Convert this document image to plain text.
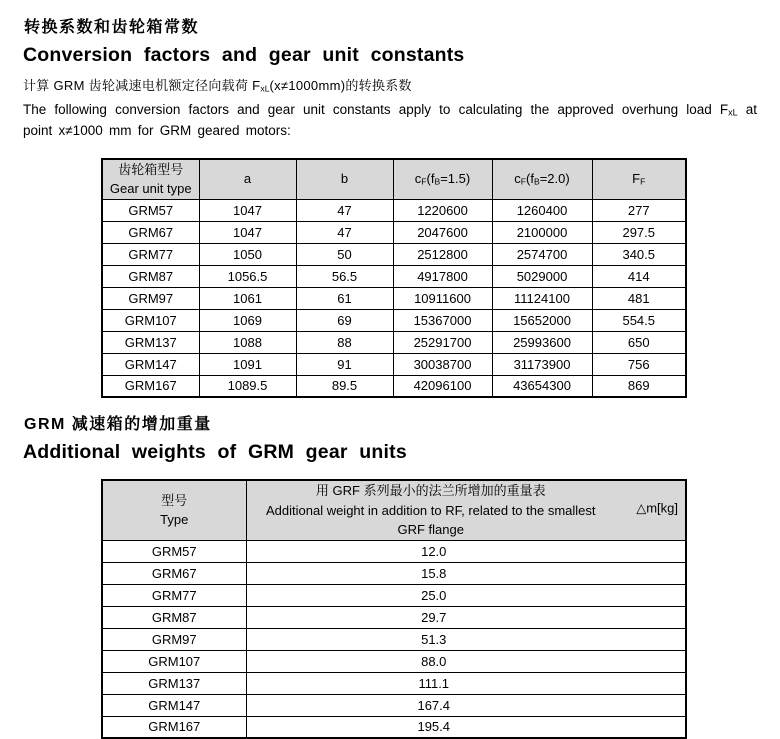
转换系数和齿轮箱常数
Conversion factors and gear unit constants

计算 GRM 齿轮减速电机额定径向载荷 $F_{xL}(x\ne 1000mm)$的转换系数

The following conversion factors and gear unit constants apply to calculating the approved overhung load $F_{xL}$ at point x≠1000 mm for GRM geared motors:

齿轮箱型号
Gear unit type	a	b	$c_F(f_B=1.5)$	$c_F(f_B=2.0)$	$F_F$
GRM57	1047	47	1220600	1260400	277
GRM67	1047	47	2047600	2100000	297.5
GRM77	1050	50	2512800	2574700	340.5
GRM87	1056.5	56.5	4917800	5029000	414
GRM97	1061	61	10911600	11124100	481
GRM107	1069	69	15367000	15652000	554.5
GRM137	1088	88	25291700	25993600	650
GRM147	1091	91	30038700	31173900	756
GRM167	1089.5	89.5	42096100	43654300	869
GRM 减速箱的增加重量
Additional weights of GRM gear units
型号
Type

用 GRF 系列最小的法兰所增加的重量表
Additional weight in addition to RF, related to the smallest GRF flange
△m[kg]

GRM57	12.0
GRM67	15.8
GRM77	25.0
GRM87	29.7
GRM97	51.3
GRM107	88.0
GRM137	111.1
GRM147	167.4
GRM167	195.4
